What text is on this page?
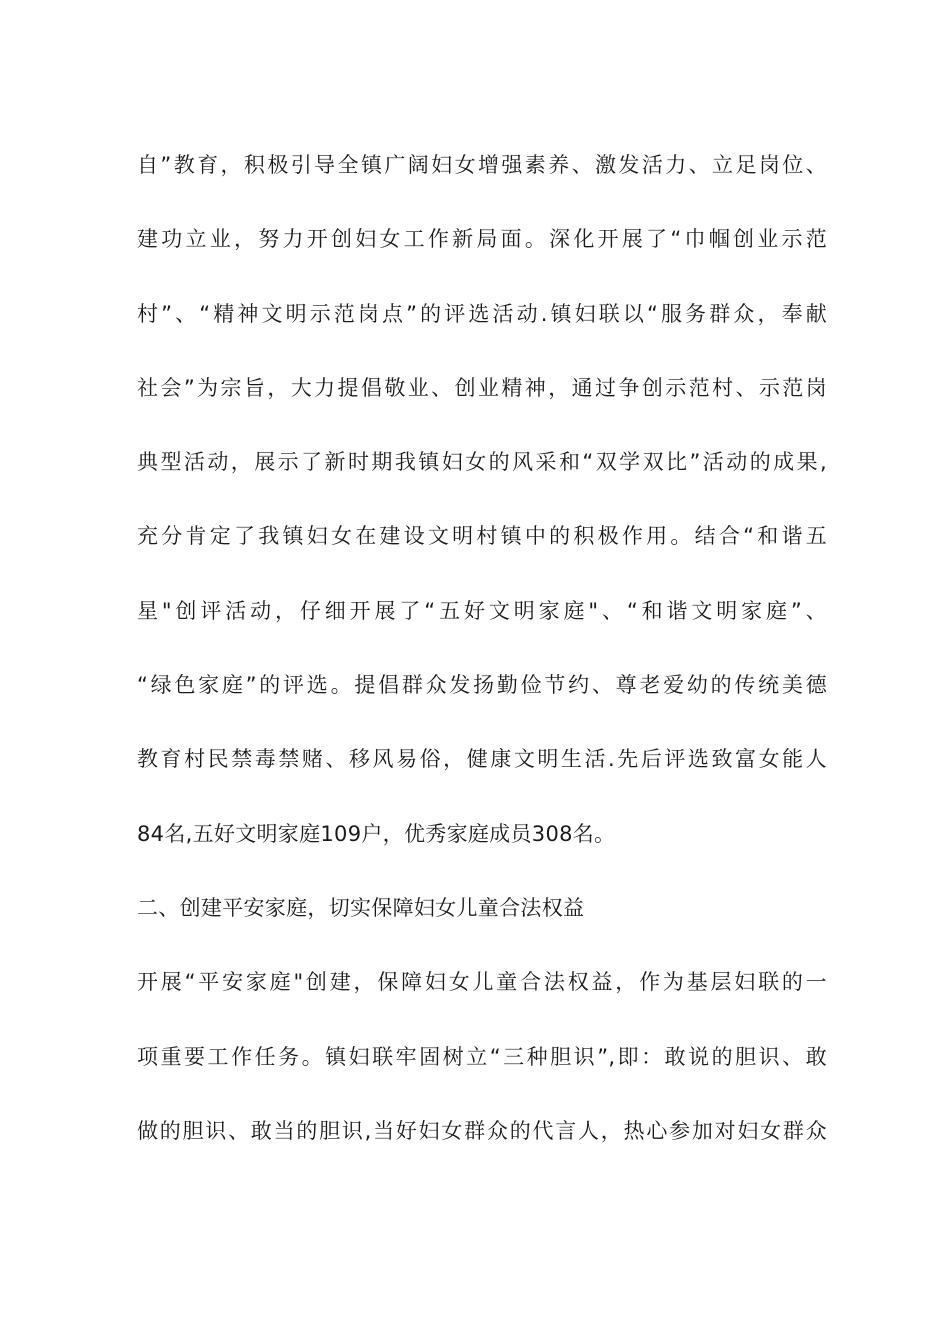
自”教育，积极引导全镇广阔妇女增强素养、激发活力、立足岗位、
建功立业，努力开创妇女工作新局面。深化开展了“巾帼创业示范
村”、“精神文明示范岗点”的评选活动.镇妇联以“服务群众，奉献
社会”为宗旨，大力提倡敬业、创业精神，通过争创示范村、示范岗
典型活动，展示了新时期我镇妇女的风采和“双学双比”活动的成果,
充分肯定了我镇妇女在建设文明村镇中的积极作用。结合“和谐五
星"创评活动，仔细开展了“五好文明家庭"、“和谐文明家庭”、
“绿色家庭”的评选。提倡群众发扬勤俭节约、尊老爱幼的传统美德
教育村民禁毒禁赌、移风易俗，健康文明生活.先后评选致富女能人
84名,五好文明家庭109户，优秀家庭成员308名。
二、创建平安家庭，切实保障妇女儿童合法权益
开展“平安家庭"创建，保障妇女儿童合法权益，作为基层妇联的一
项重要工作任务。镇妇联牢固树立“三种胆识”,即：敢说的胆识、敢
做的胆识、敢当的胆识,当好妇女群众的代言人，热心参加对妇女群众
